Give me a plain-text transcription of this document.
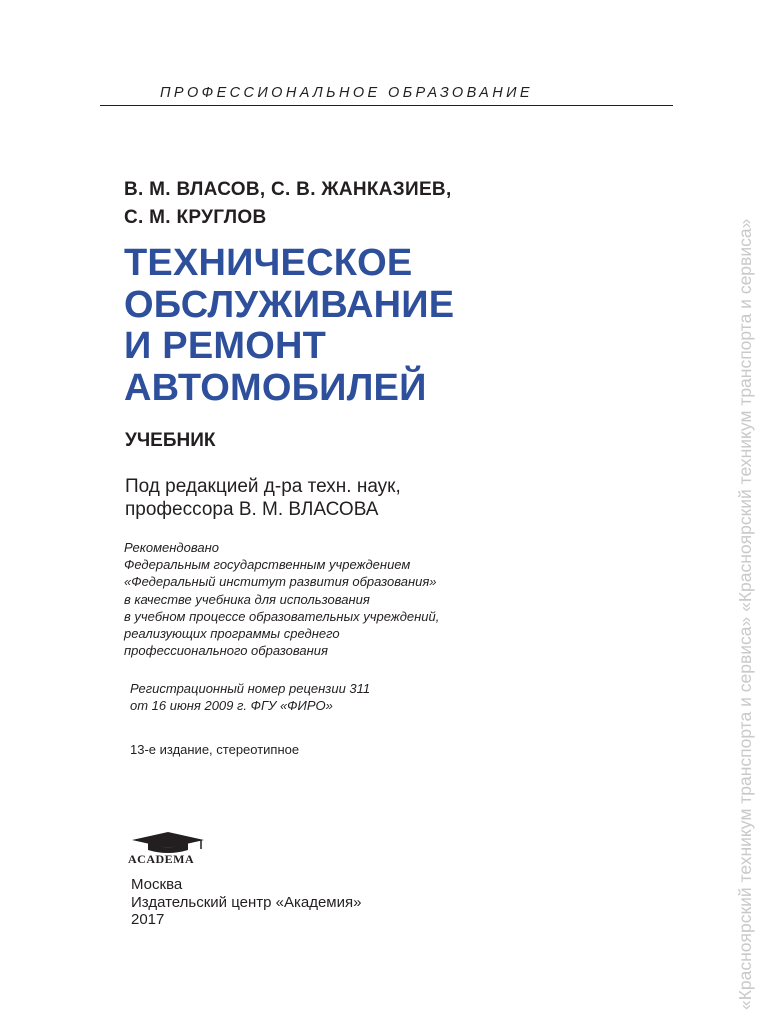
ПРОФЕССИОНАЛЬНОЕ ОБРАЗОВАНИЕ
В. М. ВЛАСОВ, С. В. ЖАНКАЗИЕВ,
С. М. КРУГЛОВ
ТЕХНИЧЕСКОЕ
ОБСЛУЖИВАНИЕ
И РЕМОНТ
АВТОМОБИЛЕЙ
УЧЕБНИК
Под редакцией д-ра техн. наук,
профессора В. М. ВЛАСОВА
Рекомендовано
Федеральным государственным учреждением
«Федеральный институт развития образования»
в качестве учебника для использования
в учебном процессе образовательных учреждений,
реализующих программы среднего
профессионального образования
Регистрационный номер рецензии 311
от 16 июня 2009 г. ФГУ «ФИРО»
13-е издание, стереотипное
ACADEMA
Москва
Издательский центр «Академия»
2017	«Красноярский техникум транспорта и сервиса» «Красноярский техникум транспорта и сервиса»
